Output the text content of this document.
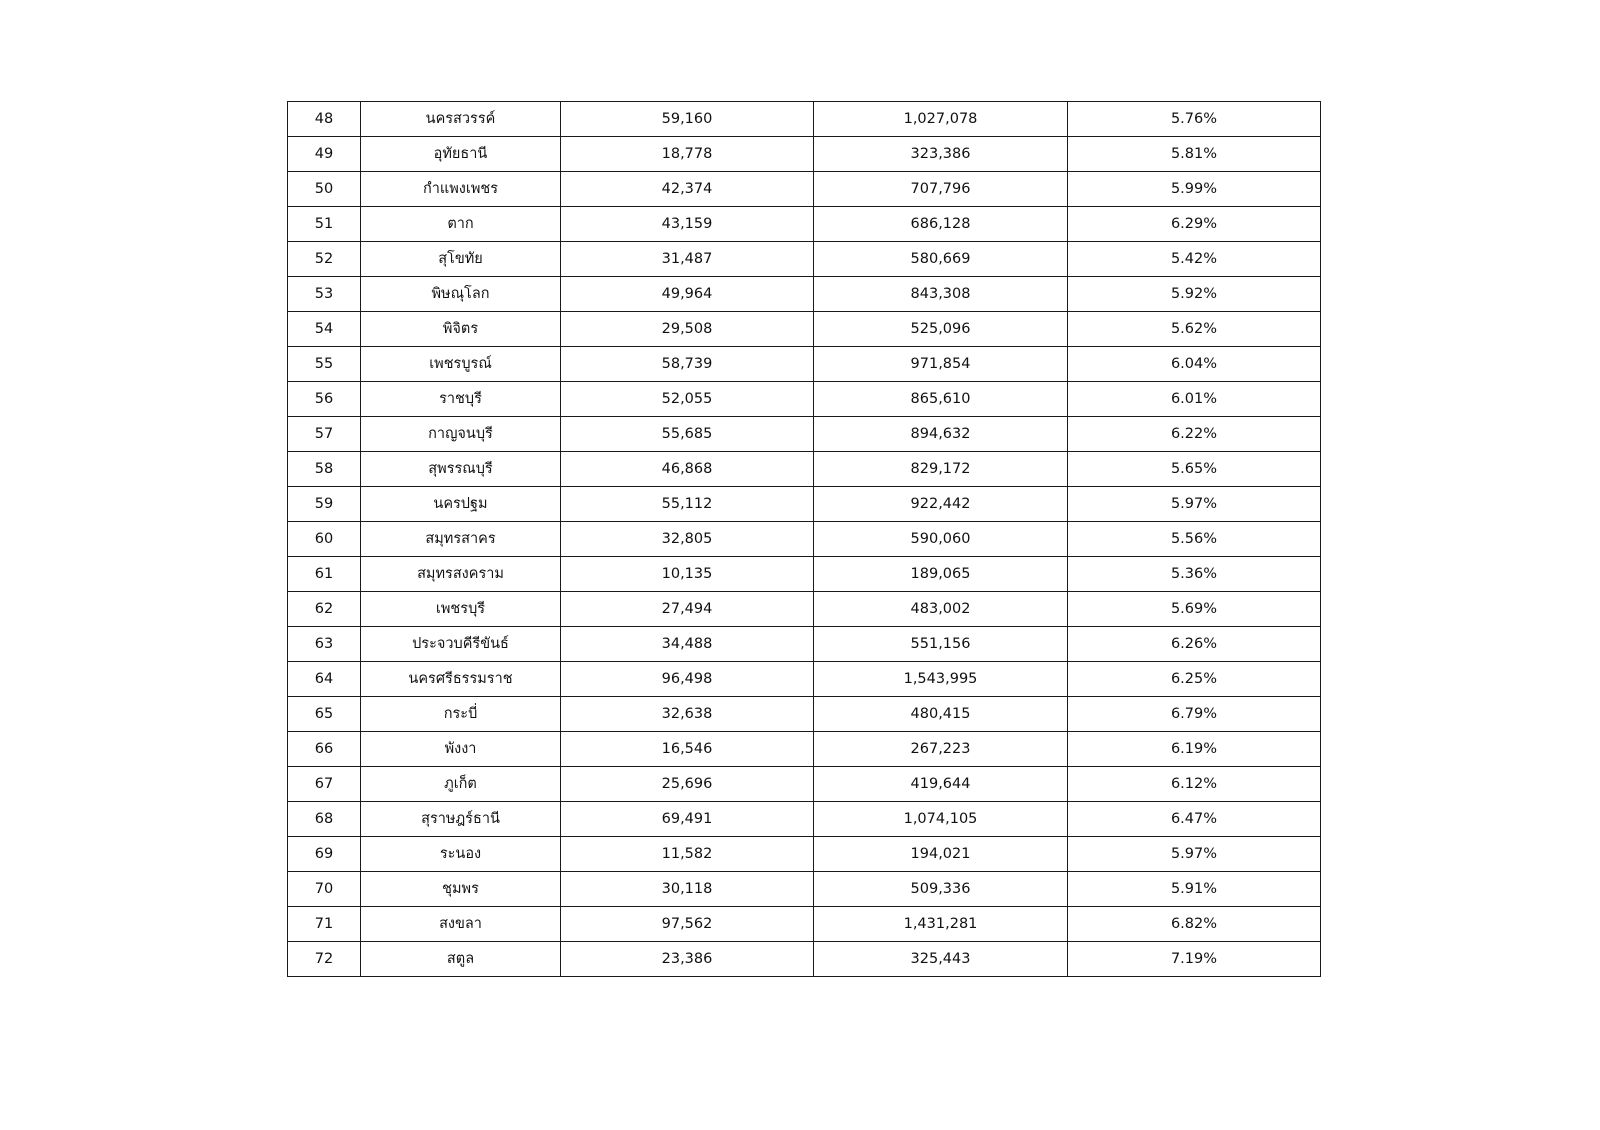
48	นครสวรรค์	59,160	1,027,078	5.76%
49	อุทัยธานี	18,778	323,386	5.81%
50	กำแพงเพชร	42,374	707,796	5.99%
51	ตาก	43,159	686,128	6.29%
52	สุโขทัย	31,487	580,669	5.42%
53	พิษณุโลก	49,964	843,308	5.92%
54	พิจิตร	29,508	525,096	5.62%
55	เพชรบูรณ์	58,739	971,854	6.04%
56	ราชบุรี	52,055	865,610	6.01%
57	กาญจนบุรี	55,685	894,632	6.22%
58	สุพรรณบุรี	46,868	829,172	5.65%
59	นครปฐม	55,112	922,442	5.97%
60	สมุทรสาคร	32,805	590,060	5.56%
61	สมุทรสงคราม	10,135	189,065	5.36%
62	เพชรบุรี	27,494	483,002	5.69%
63	ประจวบคีรีขันธ์	34,488	551,156	6.26%
64	นครศรีธรรมราช	96,498	1,543,995	6.25%
65	กระบี่	32,638	480,415	6.79%
66	พังงา	16,546	267,223	6.19%
67	ภูเก็ต	25,696	419,644	6.12%
68	สุราษฎร์ธานี	69,491	1,074,105	6.47%
69	ระนอง	11,582	194,021	5.97%
70	ชุมพร	30,118	509,336	5.91%
71	สงขลา	97,562	1,431,281	6.82%
72	สตูล	23,386	325,443	7.19%
